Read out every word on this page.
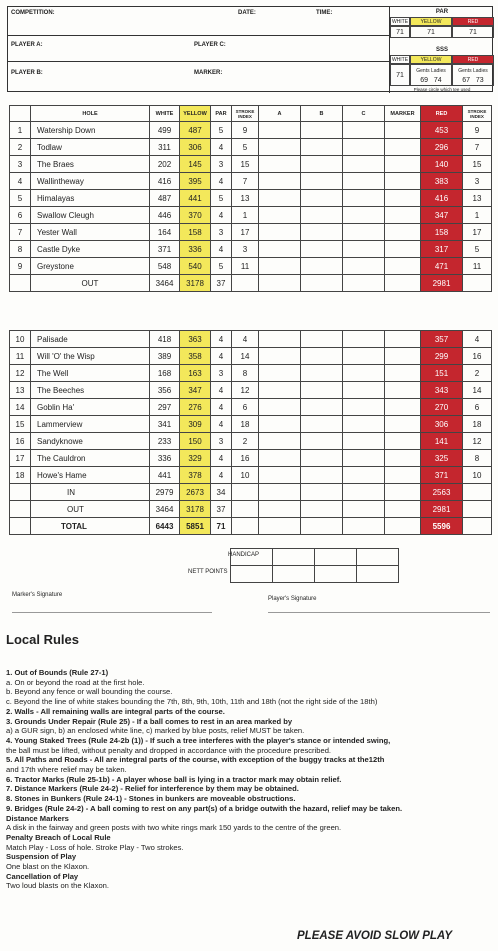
COMPETITION:	DATE:	TIME:
PLAYER A:	PLAYER C:
PLAYER B:	MARKER:
PAR
WHITE	YELLOW	RED
71	71	71
SSS
WHITE	YELLOW	RED
71
Gents Ladies
69   74
Gents Ladies
67   73
Please circle which tee used
	HOLE	WHITE	YELLOW	PAR	STROKE INDEX	A	B	C	MARKER	RED	STROKE INDEX
1	Watership Down	499	487	5	9					453	9
2	Todlaw	311	306	4	5					296	7
3	The Braes	202	145	3	15					140	15
4	Wallintheway	416	395	4	7					383	3
5	Himalayas	487	441	5	13					416	13
6	Swallow Cleugh	446	370	4	1					347	1
7	Yester Wall	164	158	3	17					158	17
8	Castle Dyke	371	336	4	3					317	5
9	Greystone	548	540	5	11					471	11
	OUT	3464	3178	37						2981	
10	Palisade	418	363	4	4					357	4
11	Will 'O' the Wisp	389	358	4	14					299	16
12	The Well	168	163	3	8					151	2
13	The Beeches	356	347	4	12					343	14
14	Goblin Ha'	297	276	4	6					270	6
15	Lammerview	341	309	4	18					306	18
16	Sandyknowe	233	150	3	2					141	12
17	The Cauldron	336	329	4	16					325	8
18	Howe's Hame	441	378	4	10					371	10
	IN	2979	2673	34						2563	
	OUT	3464	3178	37						2981	
	TOTAL	6443	5851	71						5596	

HANDICAP
NETT POINTS
Marker's Signature
Player's Signature
Local Rules
1. Out of Bounds (Rule 27-1)
a. On or beyond the road at the first hole.
b. Beyond any fence or wall bounding the course.
c. Beyond the line of white stakes bounding the 7th, 8th, 9th, 10th, 11th and 18th (not the right side of the 18th)
2. Walls - All remaining walls are integral parts of the course.
3. Grounds Under Repair (Rule 25) - If a ball comes to rest in an area marked by
a) a GUR sign, b) an enclosed white line, c) marked by blue posts, relief MUST be taken.
4. Young Staked Trees (Rule 24-2b (1)) - If such a tree interferes with the player's stance or intended swing,
the ball must be lifted, without penalty and dropped in accordance with the procedure prescribed.
5. All Paths and Roads - All are integral parts of the course, with exception of the buggy tracks at the12th
and 17th where relief may be taken.
6. Tractor Marks (Rule 25-1b) - A player whose ball is lying in a tractor mark may obtain relief.
7. Distance Markers (Rule 24-2) - Relief for interference by them may be obtained.
8. Stones in Bunkers (Rule 24-1) - Stones in bunkers are moveable obstructions.
9. Bridges (Rule 24-2) - A ball coming to rest on any part(s) of a bridge outwith the hazard, relief may be taken.
Distance Markers
A disk in the fairway and green posts with two white rings mark 150 yards to the centre of the green.
Penalty Breach of Local Rule
Match Play - Loss of hole. Stroke Play - Two strokes.
Suspension of Play
One blast on the Klaxon.
Cancellation of Play
Two loud blasts on the Klaxon.
PLEASE AVOID SLOW PLAY
